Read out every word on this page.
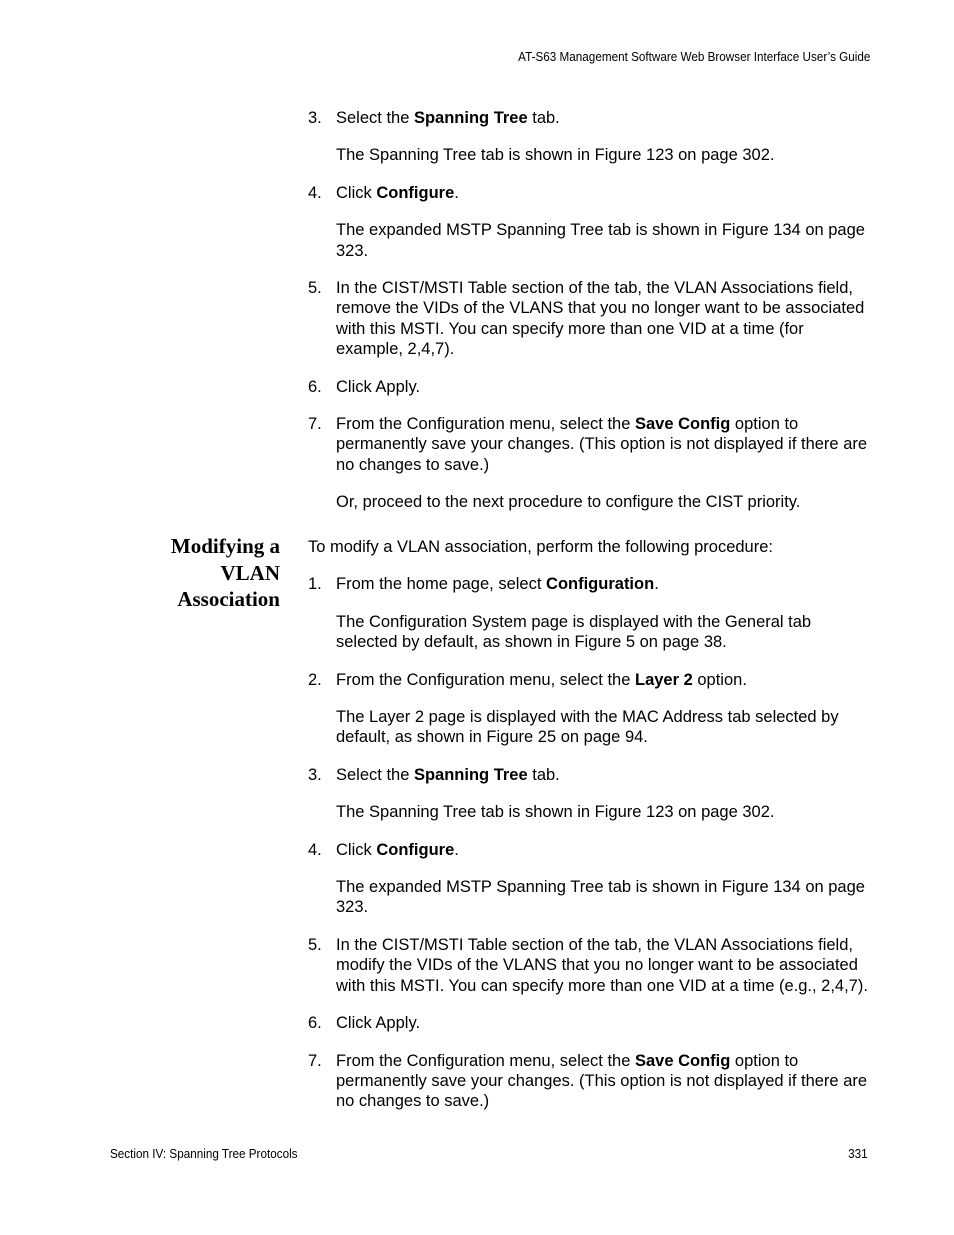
AT-S63 Management Software Web Browser Interface User’s Guide
3. Select the Spanning Tree tab.
The Spanning Tree tab is shown in Figure 123 on page 302.
4. Click Configure.
The expanded MSTP Spanning Tree tab is shown in Figure 134 on page 323.
5. In the CIST/MSTI Table section of the tab, the VLAN Associations field, remove the VIDs of the VLANS that you no longer want to be associated with this MSTI. You can specify more than one VID at a time (for example, 2,4,7).
6. Click Apply.
7. From the Configuration menu, select the Save Config option to permanently save your changes. (This option is not displayed if there are no changes to save.)
Or, proceed to the next procedure to configure the CIST priority.
Modifying a
VLAN
Association
To modify a VLAN association, perform the following procedure:
1. From the home page, select Configuration.
The Configuration System page is displayed with the General tab selected by default, as shown in Figure 5 on page 38.
2. From the Configuration menu, select the Layer 2 option.
The Layer 2 page is displayed with the MAC Address tab selected by default, as shown in Figure 25 on page 94.
3. Select the Spanning Tree tab.
The Spanning Tree tab is shown in Figure 123 on page 302.
4. Click Configure.
The expanded MSTP Spanning Tree tab is shown in Figure 134 on page 323.
5. In the CIST/MSTI Table section of the tab, the VLAN Associations field, modify the VIDs of the VLANS that you no longer want to be associated with this MSTI. You can specify more than one VID at a time (e.g., 2,4,7).
6. Click Apply.
7. From the Configuration menu, select the Save Config option to permanently save your changes. (This option is not displayed if there are no changes to save.)
Section IV: Spanning Tree Protocols	331
